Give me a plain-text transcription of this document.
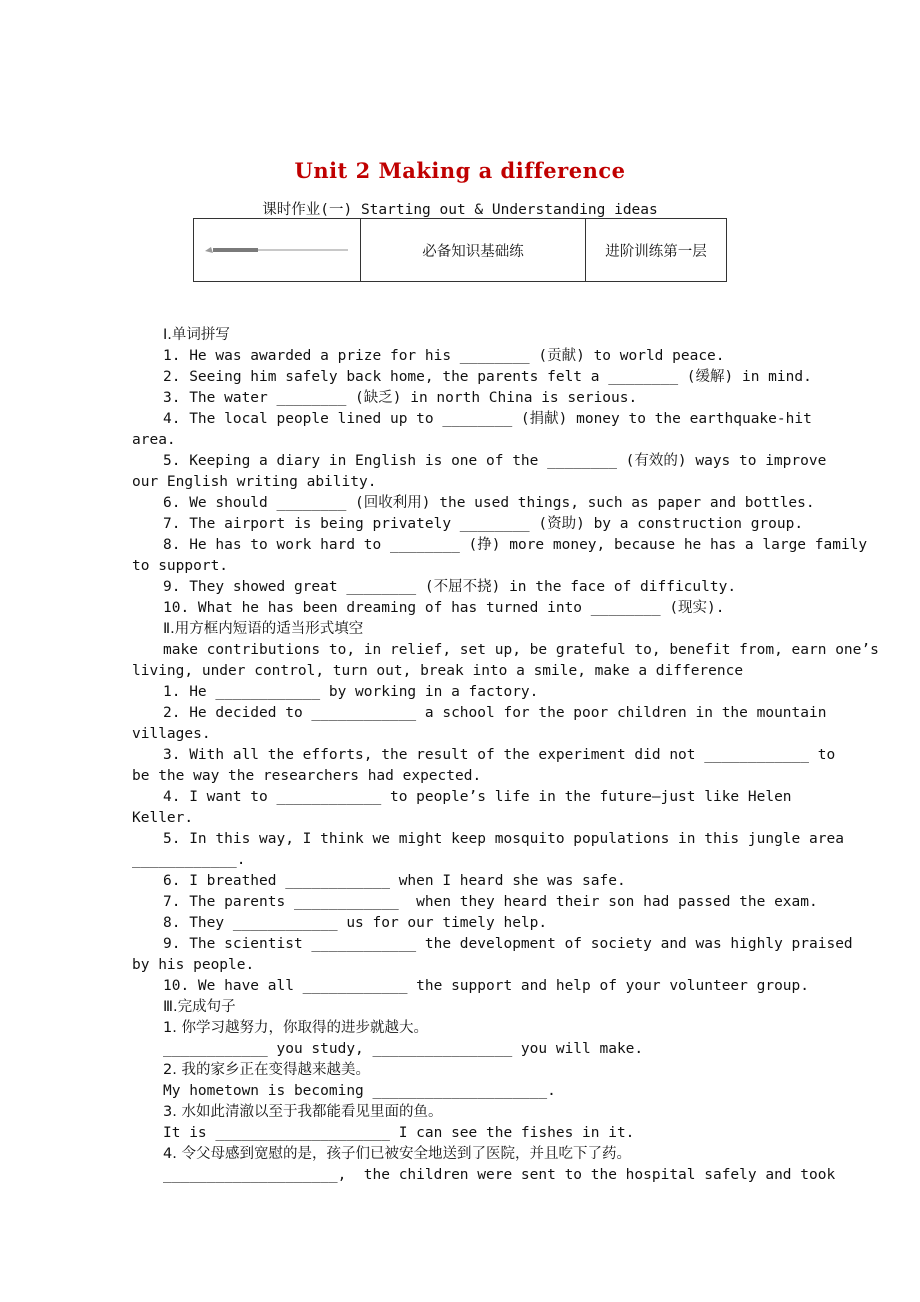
Unit 2 Making a difference
课时作业(一) Starting out & Understanding ideas
	必备知识基础练	进阶训练第一层
Ⅰ.单词拼写
1. He was awarded a prize for his ________ (贡献) to world peace.
2. Seeing him safely back home, the parents felt a ________ (缓解) in mind.
3. The water ________ (缺乏) in north China is serious.
4. The local people lined up to ________ (捐献) money to the earthquake-hit
area.
5. Keeping a diary in English is one of the ________ (有效的) ways to improve
our English writing ability.
6. We should ________ (回收利用) the used things, such as paper and bottles.
7. The airport is being privately ________ (资助) by a construction group.
8. He has to work hard to ________ (挣) more money, because he has a large family
to support.
9. They showed great ________ (不屈不挠) in the face of difficulty.
10. What he has been dreaming of has turned into ________ (现实).
Ⅱ.用方框内短语的适当形式填空
make contributions to, in relief, set up, be grateful to, benefit from, earn one’s
living, under control, turn out, break into a smile, make a difference
1. He ____________ by working in a factory.
2. He decided to ____________ a school for the poor children in the mountain
villages.
3. With all the efforts, the result of the experiment did not ____________ to
be the way the researchers had expected.
4. I want to ____________ to people’s life in the future—just like Helen
Keller.
5. In this way, I think we might keep mosquito populations in this jungle area
____________.
6. I breathed ____________ when I heard she was safe.
7. The parents ____________  when they heard their son had passed the exam.
8. They ____________ us for our timely help.
9. The scientist ____________ the development of society and was highly praised
by his people.
10. We have all ____________ the support and help of your volunteer group.
Ⅲ.完成句子
1. 你学习越努力，你取得的进步就越大。
____________ you study, ________________ you will make.
2. 我的家乡正在变得越来越美。
My hometown is becoming ____________________.
3. 水如此清澈以至于我都能看见里面的鱼。
It is ____________________ I can see the fishes in it.
4. 令父母感到宽慰的是，孩子们已被安全地送到了医院，并且吃下了药。
____________________,  the children were sent to the hospital safely and took
